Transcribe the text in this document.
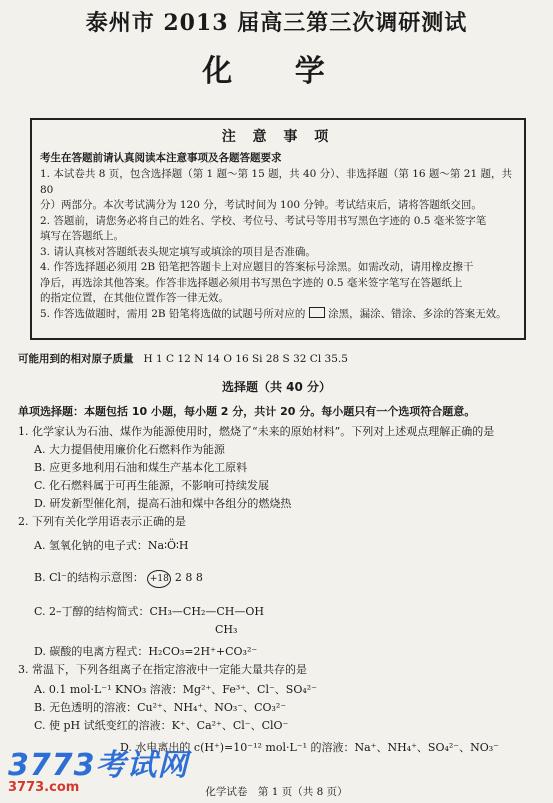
泰州市 2013 届高三第三次调研测试
化 学
注 意 事 项
考生在答题前请认真阅读本注意事项及各题答题要求
1. 本试卷共 8 页，包含选择题（第 1 题～第 15 题，共 40 分）、非选择题（第 16 题～第 21 题，共 80
分）两部分。本次考试满分为 120 分，考试时间为 100 分钟。考试结束后，请将答题纸交回。
2. 答题前，请您务必将自己的姓名、学校、考位号、考试号等用书写黑色字迹的 0.5 毫米签字笔
填写在答题纸上。
3. 请认真核对答题纸表头规定填写或填涂的项目是否准确。
4. 作答选择题必须用 2B 铅笔把答题卡上对应题目的答案标号涂黑。如需改动，请用橡皮擦干
净后，再选涂其他答案。作答非选择题必须用书写黑色字迹的 0.5 毫米签字笔写在答题纸上
的指定位置，在其他位置作答一律无效。
5. 作答选做题时，需用 2B 铅笔将选做的试题号所对应的 涂黑，漏涂、错涂、多涂的答案无效。
可能用到的相对原子质量 H 1 C 12 N 14 O 16 Si 28 S 32 Cl 35.5
选择题（共 40 分）
单项选择题：本题包括 10 小题，每小题 2 分，共计 20 分。每小题只有一个选项符合题意。
1. 化学家认为石油、煤作为能源使用时，燃烧了“未来的原始材料”。下列对上述观点理解正确的是
A. 大力提倡使用廉价化石燃料作为能源
B. 应更多地利用石油和煤生产基本化工原料
C. 化石燃料属于可再生能源，不影响可持续发展
D. 研发新型催化剂，提高石油和煤中各组分的燃烧热
2. 下列有关化学用语表示正确的是
A. 氢氧化钠的电子式：Na∶Ö∶H
B. Cl⁻的结构示意图： +18 2 8 8
C. 2–丁醇的结构简式：CH₃—CH₂—CH—OH
CH₃
D. 碳酸的电离方程式：H₂CO₃=2H⁺+CO₃²⁻
3. 常温下，下列各组离子在指定溶液中一定能大量共存的是
A. 0.1 mol·L⁻¹ KNO₃ 溶液：Mg²⁺、Fe³⁺、Cl⁻、SO₄²⁻
B. 无色透明的溶液：Cu²⁺、NH₄⁺、NO₃⁻、CO₃²⁻
C. 使 pH 试纸变红的溶液：K⁺、Ca²⁺、Cl⁻、ClO⁻
D. 水电离出的 c(H⁺)=10⁻¹² mol·L⁻¹ 的溶液：Na⁺、NH₄⁺、SO₄²⁻、NO₃⁻
3773考试网
3773.com	化学试卷　第 1 页（共 8 页）
